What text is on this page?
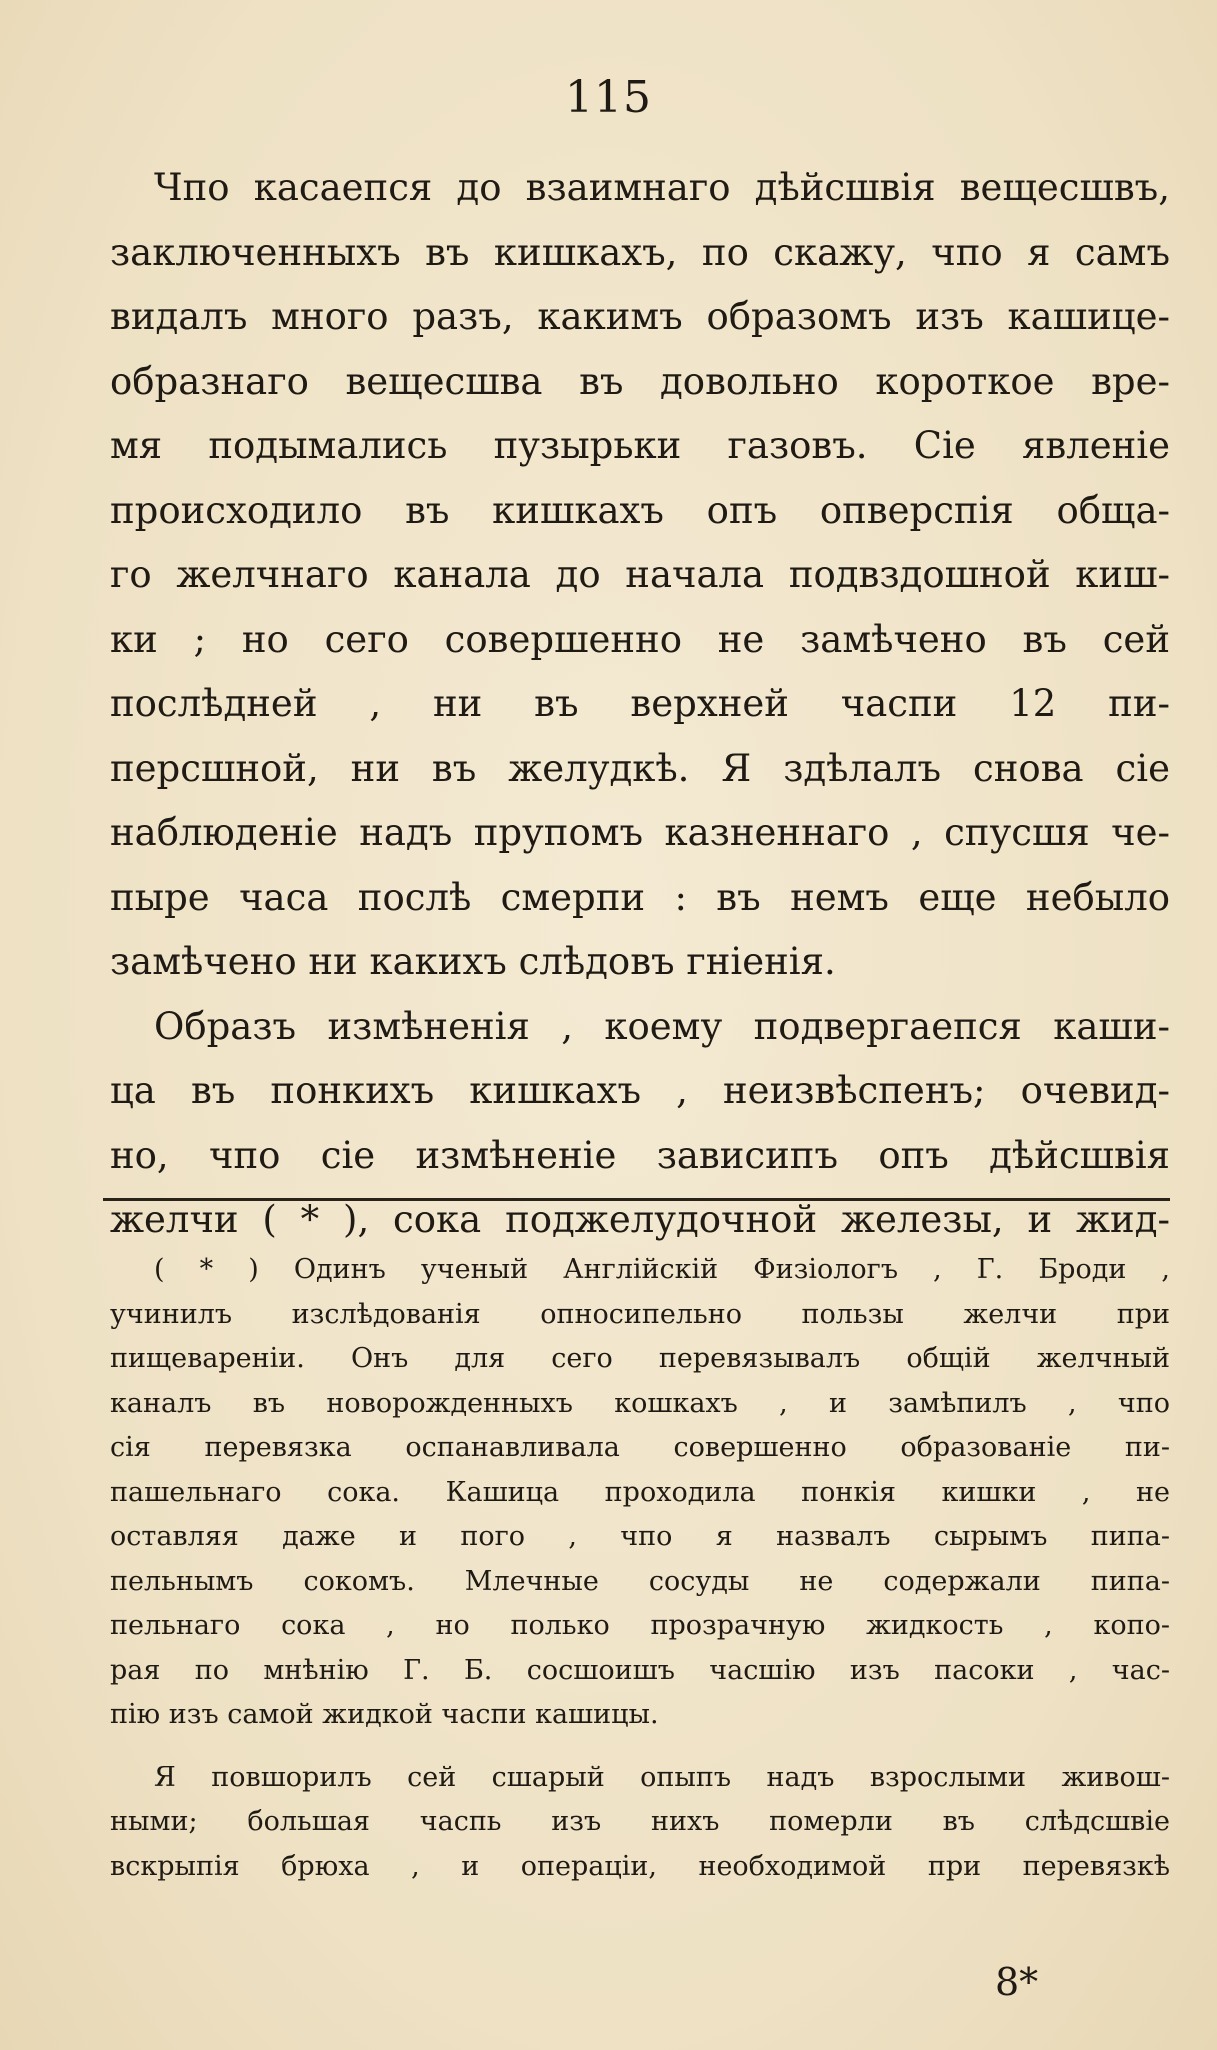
115
Чпо касаепся до взаимнаго дѣйсшвія вещесшвъ,
заключенныхъ въ кишкахъ, по скажу, чпо я самъ
видалъ много разъ, какимъ образомъ изъ кашице-
образнаго вещесшва въ довольно короткое вре-
мя подымались пузырьки газовъ. Сіе явленіе
происходило въ кишкахъ опъ опверспія обща-
го желчнаго канала до начала подвздошной киш-
ки ; но сего совершенно не замѣчено въ сей
послѣдней , ни въ верхней часпи 12 пи-
персшной, ни въ желудкѣ. Я здѣлалъ снова сіе
наблюденіе надъ прупомъ казненнаго , спусшя че-
пыре часа послѣ смерпи : въ немъ еще небыло
замѣчено ни какихъ слѣдовъ гніенія.
Образъ измѣненія , коему подвергаепся каши-
ца въ понкихъ кишкахъ , неизвѣспенъ; очевид-
но, чпо сіе измѣненіе зависипъ опъ дѣйсшвія
желчи ( * ), сока поджелудочной железы, и жид-
( * ) Одинъ ученый Англійскій Физіологъ , Г. Броди ,
учинилъ изслѣдованія опносипельно пользы желчи при
пищевареніи. Онъ для сего перевязывалъ общій желчный
каналъ въ новорожденныхъ кошкахъ , и замѣпилъ , чпо
сія перевязка оспанавливала совершенно образованіе пи-
пашельнаго сока. Кашица проходила понкія кишки , не
оставляя даже и пого , чпо я назвалъ сырымъ пипа-
пельнымъ сокомъ. Млечные сосуды не содержали пипа-
пельнаго сока , но полько прозрачную жидкость , копо-
рая по мнѣнію Г. Б. сосшоишъ часшію изъ пасоки , час-
пію изъ самой жидкой часпи кашицы.
Я повшорилъ сей сшарый опыпъ надъ взрослыми живош-
ными; большая часпь изъ нихъ померли въ слѣдсшвіе
вскрыпія брюха , и операціи, необходимой при перевязкѣ
8*
